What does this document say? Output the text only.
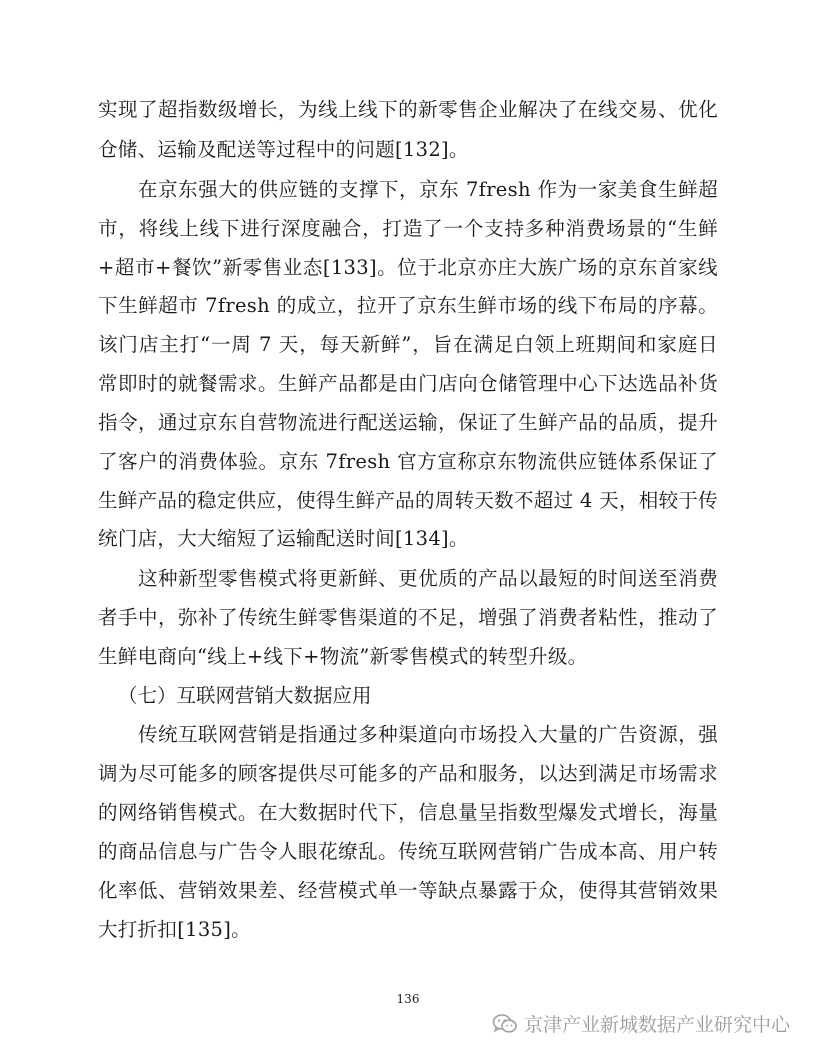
实现了超指数级增长，为线上线下的新零售企业解决了在线交易、优化
仓储、运输及配送等过程中的问题[132]。
在京东强大的供应链的支撑下，京东 7fresh 作为一家美食生鲜超
市，将线上线下进行深度融合，打造了一个支持多种消费场景的“生鲜
+超市+餐饮”新零售业态[133]。位于北京亦庄大族广场的京东首家线
下生鲜超市 7fresh 的成立，拉开了京东生鲜市场的线下布局的序幕。
该门店主打“一周 7 天，每天新鲜”，旨在满足白领上班期间和家庭日
常即时的就餐需求。生鲜产品都是由门店向仓储管理中心下达选品补货
指令，通过京东自营物流进行配送运输，保证了生鲜产品的品质，提升
了客户的消费体验。京东 7fresh 官方宣称京东物流供应链体系保证了
生鲜产品的稳定供应，使得生鲜产品的周转天数不超过 4 天，相较于传
统门店，大大缩短了运输配送时间[134]。
这种新型零售模式将更新鲜、更优质的产品以最短的时间送至消费
者手中，弥补了传统生鲜零售渠道的不足，增强了消费者粘性，推动了
生鲜电商向“线上+线下+物流”新零售模式的转型升级。
（七）互联网营销大数据应用
传统互联网营销是指通过多种渠道向市场投入大量的广告资源，强
调为尽可能多的顾客提供尽可能多的产品和服务，以达到满足市场需求
的网络销售模式。在大数据时代下，信息量呈指数型爆发式增长，海量
的商品信息与广告令人眼花缭乱。传统互联网营销广告成本高、用户转
化率低、营销效果差、经营模式单一等缺点暴露于众，使得其营销效果
大打折扣[135]。
136
京津产业新城数据产业研究中心
